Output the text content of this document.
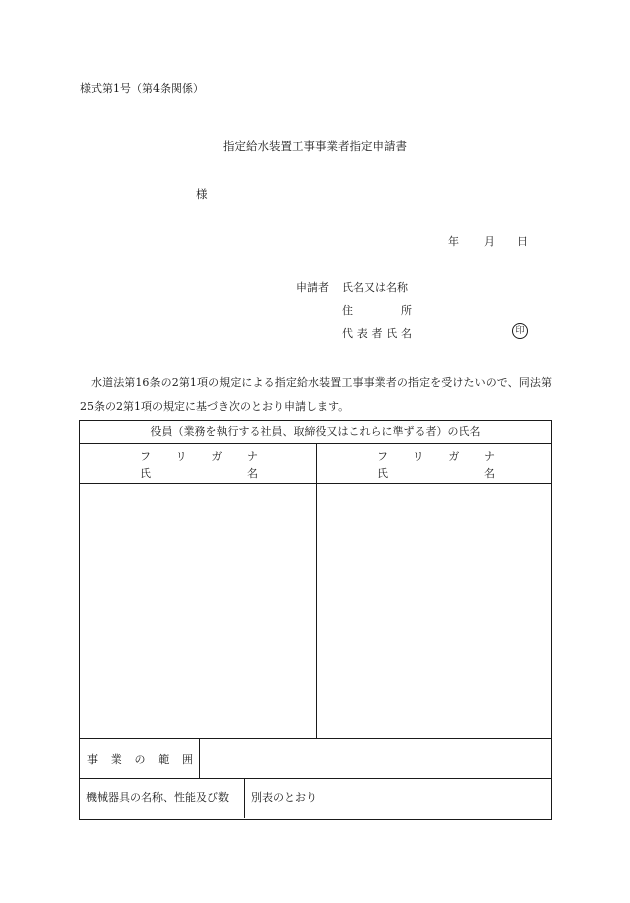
様式第1号（第4条関係）
指定給水装置工事事業者指定申請書
様
年 月 日
申請者 氏名又は名称
住	所
代 表 者 氏 名	印
水道法第16条の2第1項の規定による指定給水装置工事事業者の指定を受けたいので、同法第25条の2第1項の規定に基づき次のとおり申請します。
役員（業務を執行する社員、取締役又はこれらに準ずる者）の氏名
フ リ ガ ナ
氏	名
フ リ ガ ナ
氏	名
事 業 の 範 囲
機械器具の名称、性能及び数	別表のとおり
